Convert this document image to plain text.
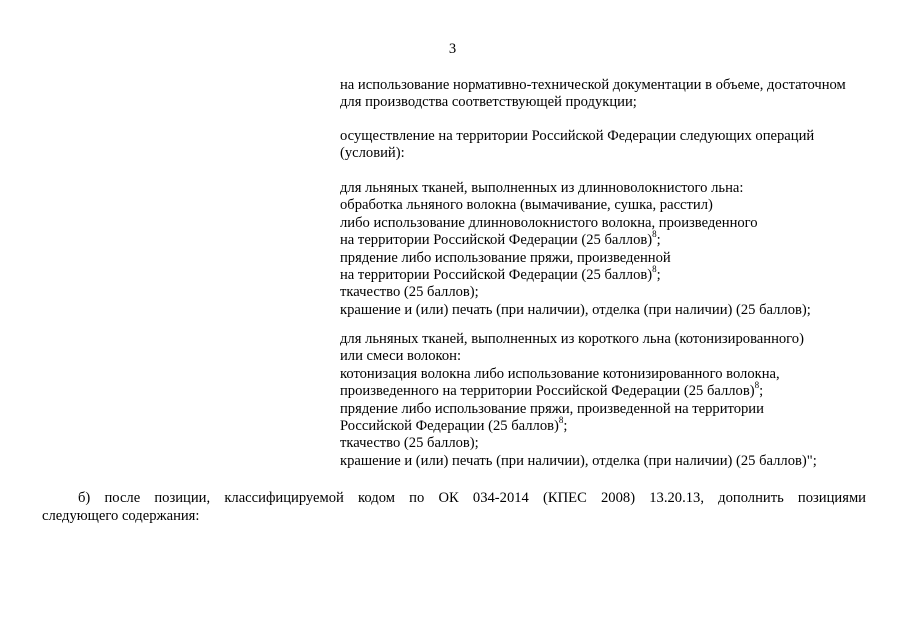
3
на использование нормативно-технической документации в объеме, достаточном
для производства соответствующей продукции;
осуществление на территории Российской Федерации следующих операций
(условий):
для льняных тканей, выполненных из длинноволокнистого льна:
обработка льняного волокна (вымачивание, сушка, расстил)
либо использование длинноволокнистого волокна, произведенного
на территории Российской Федерации (25 баллов)$^8$;
прядение либо использование пряжи, произведенной
на территории Российской Федерации (25 баллов)$^8$;
ткачество (25 баллов);
крашение и (или) печать (при наличии), отделка (при наличии) (25 баллов);
для льняных тканей, выполненных из короткого льна (котонизированного)
или смеси волокон:
котонизация волокна либо использование котонизированного волокна,
произведенного на территории Российской Федерации (25 баллов)$^8$;
прядение либо использование пряжи, произведенной на территории
Российской Федерации (25 баллов)$^8$;
ткачество (25 баллов);
крашение и (или) печать (при наличии), отделка (при наличии) (25 баллов)";
б) после позиции, классифицируемой кодом по ОК 034-2014 (КПЕС 2008) 13.20.13, дополнить позициями
следующего содержания:
